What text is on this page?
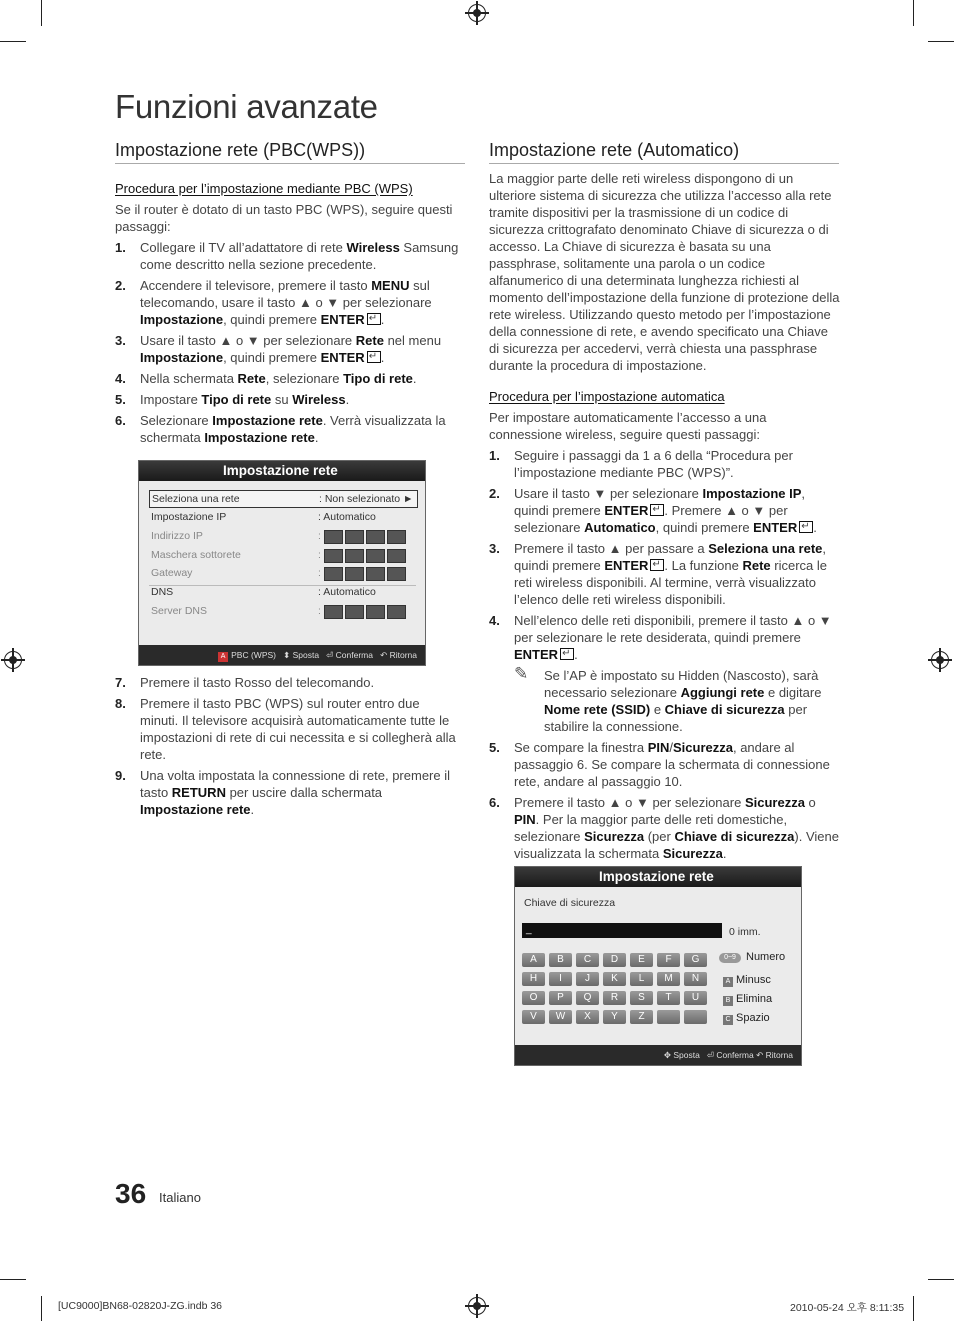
Funzioni avanzate
Impostazione rete (PBC(WPS))
Procedura per l’impostazione mediante PBC (WPS)

Se il router è dotato di un tasto PBC (WPS), seguire questi passaggi:

1. Collegare il TV all’adattatore di rete Wireless Samsung come descritto nella sezione precedente.
2. Accendere il televisore, premere il tasto MENU sul telecomando, usare il tasto ▲ o ▼ per selezionare Impostazione, quindi premere ENTER ↵ .
3. Usare il tasto ▲ o ▼ per selezionare Rete nel menu Impostazione, quindi premere ENTER ↵ .
4. Nella schermata Rete, selezionare Tipo di rete.
5. Impostare Tipo di rete su Wireless.
6. Selezionare Impostazione rete. Verrà visualizzata la schermata Impostazione rete.
Impostazione rete
Seleziona una rete	: Non selezionato ►
Impostazione IP	: Automatico
Indirizzo IP	:
Maschera sottorete	:
Gateway	:
DNS	: Automatico
Server DNS	:
A PBC (WPS) ⬍ Sposta ⏎ Conferma ↶ Ritorna
7. Premere il tasto Rosso del telecomando.
8. Premere il tasto PBC (WPS) sul router entro due minuti. Il televisore acquisirà automaticamente tutte le impostazioni di rete di cui necessita e si collegherà alla rete.
9. Una volta impostata la connessione di rete, premere il tasto RETURN per uscire dalla schermata Impostazione rete.
Impostazione rete (Automatico)

La maggior parte delle reti wireless dispongono di un ulteriore sistema di sicurezza che utilizza l’accesso alla rete tramite dispositivi per la trasmissione di un codice di sicurezza crittografato denominato Chiave di sicurezza o di accesso. La Chiave di sicurezza è basata su una passphrase, solitamente una parola o un codice alfanumerico di una determinata lunghezza richiesti al momento dell’impostazione della funzione di protezione della rete wireless. Utilizzando questo metodo per l’impostazione della connessione di rete, e avendo specificato una Chiave di sicurezza per accedervi, verrà chiesta una passphrase durante la procedura di impostazione.

Procedura per l’impostazione automatica

Per impostare automaticamente l’accesso a una connessione wireless, seguire questi passaggi:

1. Seguire i passaggi da 1 a 6 della “Procedura per l’impostazione mediante PBC (WPS)”.
2. Usare il tasto ▼ per selezionare Impostazione IP, quindi premere ENTER ↵ . Premere ▲ o ▼ per selezionare Automatico, quindi premere ENTER ↵ .
3. Premere il tasto ▲ per passare a Seleziona una rete, quindi premere ENTER ↵ . La funzione Rete ricerca le reti wireless disponibili. Al termine, verrà visualizzato l’elenco delle reti wireless disponibili.
4. Nell’elenco delle reti disponibili, premere il tasto ▲ o ▼ per selezionare le rete desiderata, quindi premere ENTER ↵ .
✎ Se l’AP è impostato su Hidden (Nascosto), sarà necessario selezionare Aggiungi rete e digitare Nome rete (SSID) e Chiave di sicurezza per stabilire la connessione.
5. Se compare la finestra PIN/Sicurezza, andare al passaggio 6. Se compare la schermata di connessione rete, andare al passaggio 10.
6. Premere il tasto ▲ o ▼ per selezionare Sicurezza o PIN. Per la maggior parte delle reti domestiche, selezionare Sicurezza (per Chiave di sicurezza). Viene visualizzata la schermata Sicurezza.
Impostazione rete
Chiave di sicurezza
_	0 imm.
A	B	C	D	E	F	G
H	I	J	K	L	M	N
O	P	Q	R	S	T	U
V	W	X	Y	Z
0~9 Numero
A Minusc
B Elimina
C Spazio
✥ Sposta ⏎ Conferma ↶ Ritorna
36 Italiano
[UC9000]BN68-02820J-ZG.indb 36	2010-05-24 오후 8:11:35
